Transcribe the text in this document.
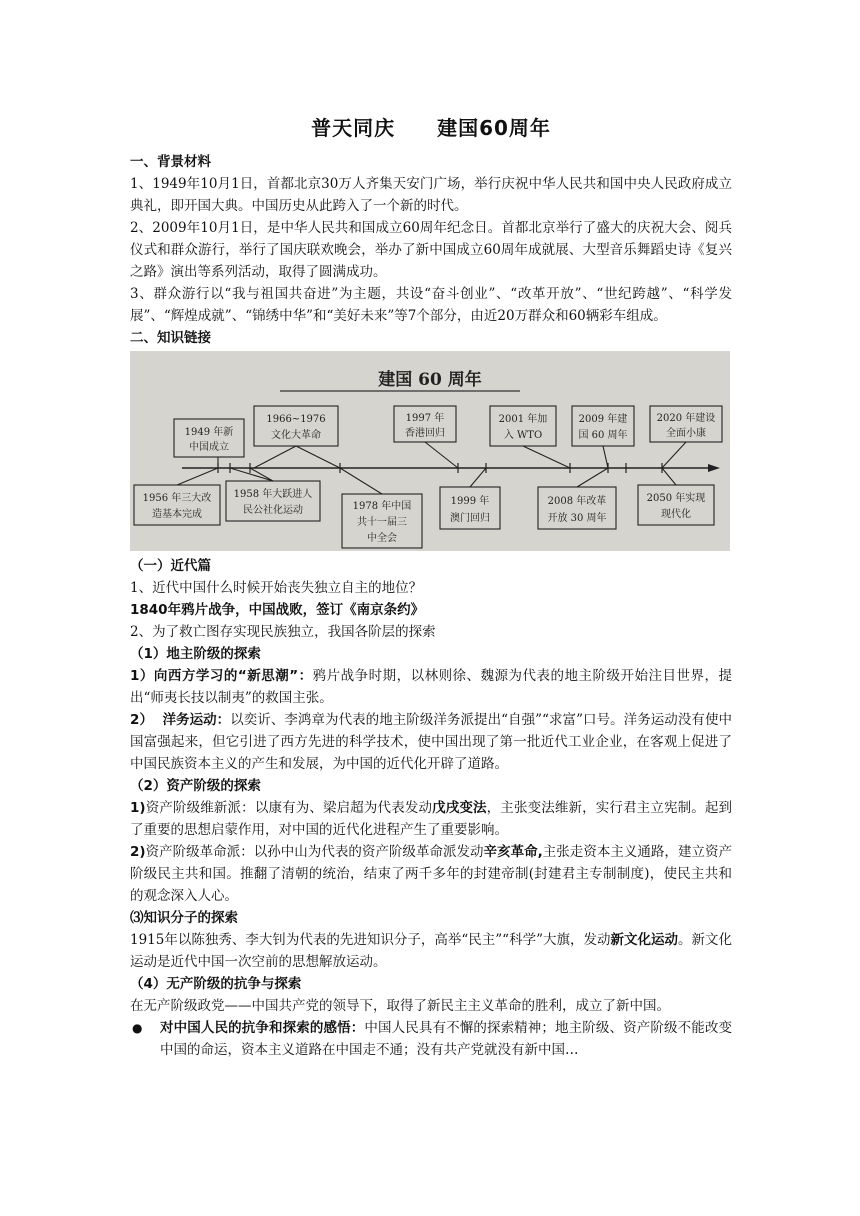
普天同庆　　建国60周年
一、背景材料

1、1949年10月1日，首都北京30万人齐集天安门广场，举行庆祝中华人民共和国中央人民政府成立典礼，即开国大典。中国历史从此跨入了一个新的时代。

2、2009年10月1日，是中华人民共和国成立60周年纪念日。首都北京举行了盛大的庆祝大会、阅兵仪式和群众游行，举行了国庆联欢晚会，举办了新中国成立60周年成就展、大型音乐舞蹈史诗《复兴之路》演出等系列活动，取得了圆满成功。

3、群众游行以“我与祖国共奋进”为主题，共设“奋斗创业”、“改革开放”、“世纪跨越”、“科学发展”、“辉煌成就”、“锦绣中华”和“美好未来”等7个部分，由近20万群众和60辆彩车组成。

二、知识链接
建国 60 周年
1949 年新
中国成立
1966~1976
文化大革命
1997 年
香港回归
2001 年加
入 WTO
2009 年建
国 60 周年
2020 年建设
全面小康
1956 年三大改
造基本完成
1958 年大跃进人
民公社化运动	1978 年中国
共十一届三
中全会
1999 年
澳门回归
2008 年改革
开放 30 周年
2050 年实现
现代化
（一）近代篇
1、近代中国什么时候开始丧失独立自主的地位？
1840年鸦片战争，中国战败，签订《南京条约》
2、为了救亡图存实现民族独立，我国各阶层的探索
（1）地主阶级的探索

1）向西方学习的“新思潮”：鸦片战争时期，以林则徐、魏源为代表的地主阶级开始注目世界，提出“师夷长技以制夷”的救国主张。

2）  洋务运动：以奕䜣、李鸿章为代表的地主阶级洋务派提出“自强”“求富”口号。洋务运动没有使中国富强起来，但它引进了西方先进的科学技术，使中国出现了第一批近代工业企业，在客观上促进了中国民族资本主义的产生和发展，为中国的近代化开辟了道路。

（2）资产阶级的探索

1)资产阶级维新派：以康有为、梁启超为代表发动戊戌变法，主张变法维新，实行君主立宪制。起到了重要的思想启蒙作用，对中国的近代化进程产生了重要影响。

2)资产阶级革命派：以孙中山为代表的资产阶级革命派发动辛亥革命,主张走资本主义通路，建立资产阶级民主共和国。推翻了清朝的统治，结束了两千多年的封建帝制(封建君主专制制度)，使民主共和的观念深入人心。

⑶知识分子的探索

1915年以陈独秀、李大钊为代表的先进知识分子，高举“民主”“科学”大旗，发动新文化运动。新文化运动是近代中国一次空前的思想解放运动。

（4）无产阶级的抗争与探索

在无产阶级政党——中国共产党的领导下，取得了新民主主义革命的胜利，成立了新中国。

●	对中国人民的抗争和探索的感悟：中国人民具有不懈的探索精神；地主阶级、资产阶级不能改变中国的命运，资本主义道路在中国走不通；没有共产党就没有新中国…
